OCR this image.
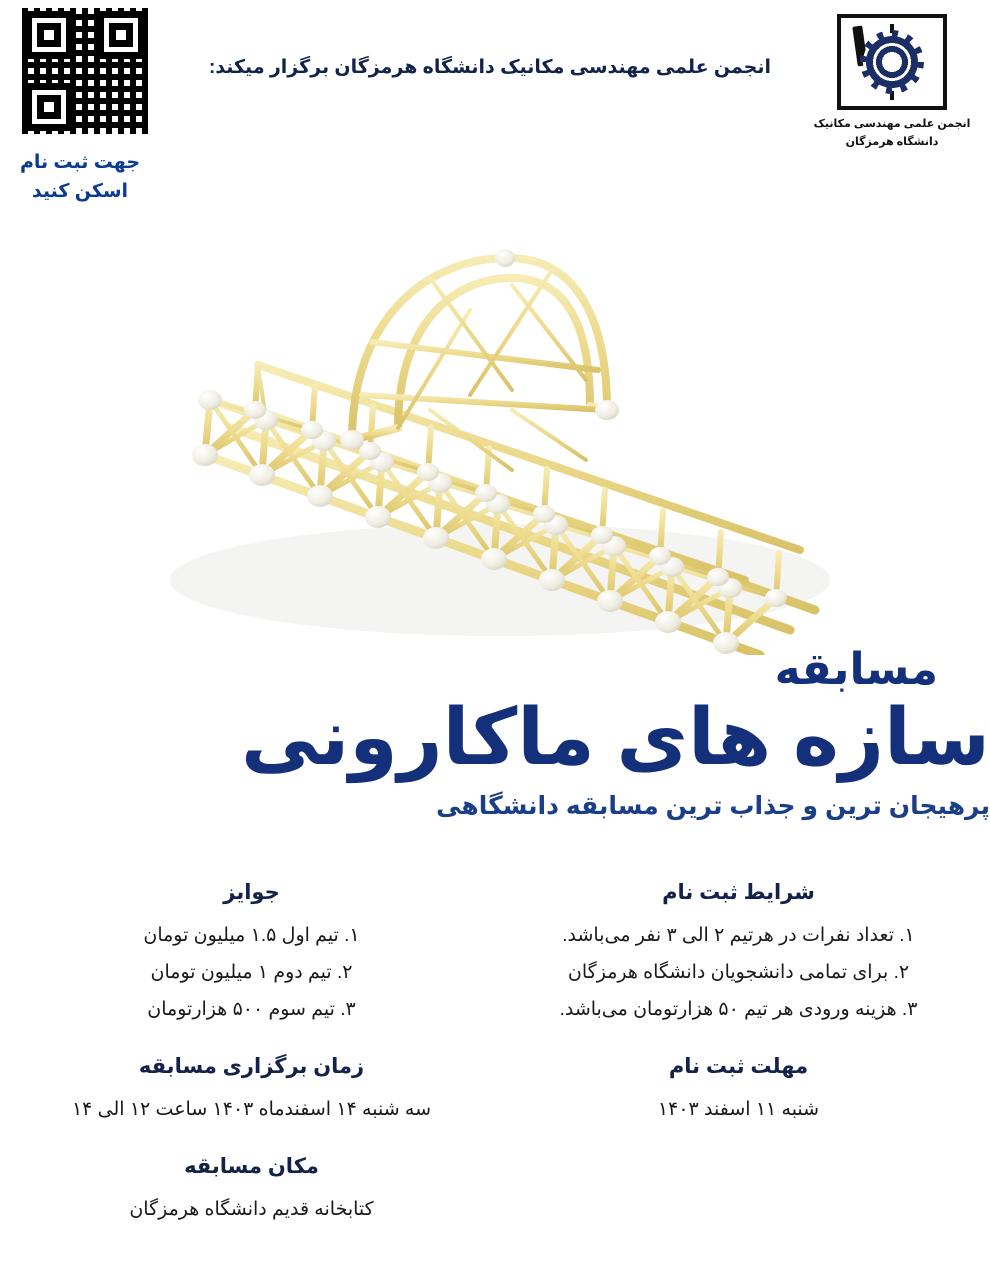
جهت ثبت نام
اسکن کنید
انجمن علمی مهندسی مکانیک دانشگاه هرمزگان برگزار میکند:
انجمن علمی مهندسی مکانیک
دانشگاه هرمزگان
مسابقه
سازه های ماکارونی
پرهیجان ترین و جذاب ترین مسابقه دانشگاهی

شرایط ثبت نام

۱. تعداد نفرات در هرتیم ۲ الی ۳ نفر می‌باشد.

۲. برای تمامی دانشجویان دانشگاه هرمزگان

۳. هزینه ورودی هر تیم ۵۰ هزارتومان می‌باشد.

مهلت ثبت نام

شنبه ۱۱ اسفند ۱۴۰۳

جوایز

۱. تیم اول ۱.۵ میلیون تومان

۲. تیم دوم ۱ میلیون تومان

۳. تیم سوم ۵۰۰ هزارتومان

زمان برگزاری مسابقه

سه شنبه ۱۴ اسفندماه ۱۴۰۳ ساعت ۱۲ الی ۱۴

مکان مسابقه

کتابخانه قدیم دانشگاه هرمزگان
